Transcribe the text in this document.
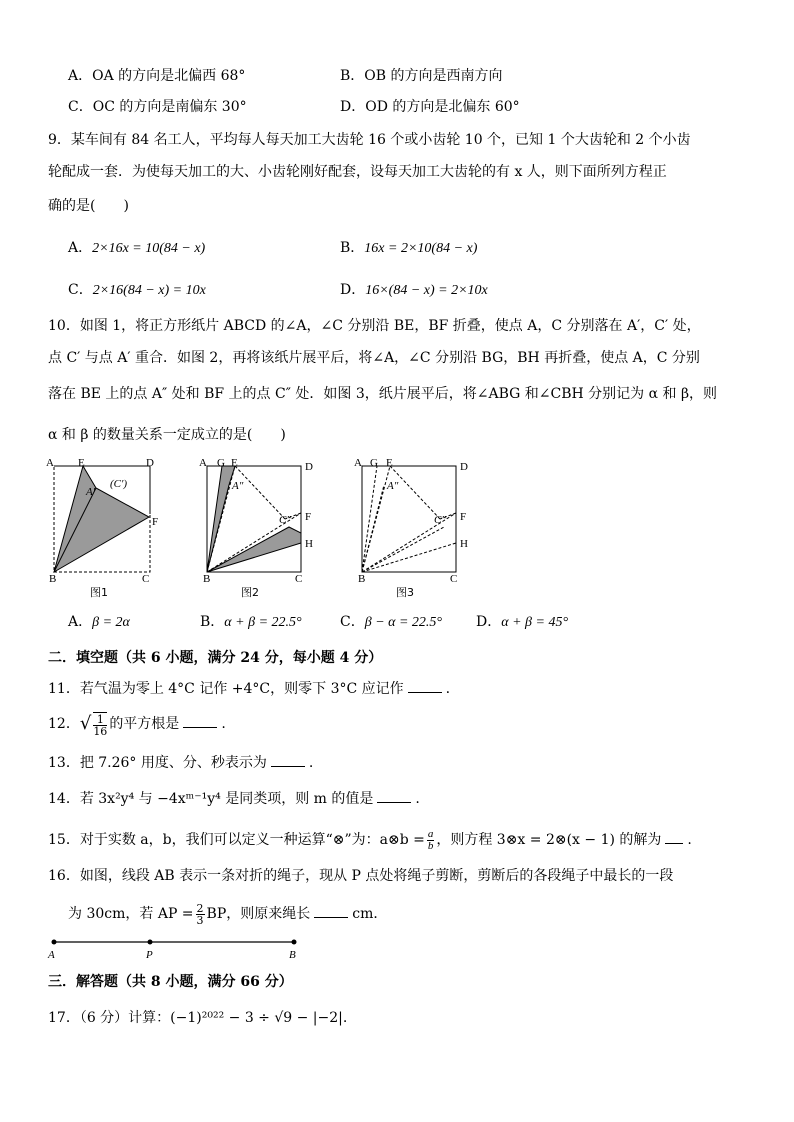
A．OA 的方向是北偏西 68°	B．OB 的方向是西南方向
C．OC 的方向是南偏东 30°	D．OD 的方向是北偏东 60°
9．某车间有 84 名工人，平均每人每天加工大齿轮 16 个或小齿轮 10 个，已知 1 个大齿轮和 2 个小齿
轮配成一套．为使每天加工的大、小齿轮刚好配套，设每天加工大齿轮的有 x 人，则下面所列方程正
确的是(　　)
A．2×16x = 10(84 − x)	B．16x = 2×10(84 − x)
C．2×16(84 − x) = 10x	D．16×(84 − x) = 2×10x
10．如图 1，将正方形纸片 ABCD 的∠A，∠C 分别沿 BE，BF 折叠，使点 A，C 分别落在 A′，C′ 处，
点 C′ 与点 A′ 重合．如图 2，再将该纸片展平后，将∠A，∠C 分别沿 BG，BH 再折叠，使点 A，C 分别
落在 BE 上的点 A″ 处和 BF 上的点 C″ 处．如图 3，纸片展平后，将∠ABG 和∠CBH 分别记为 α 和 β，则
α 和 β 的数量关系一定成立的是(　　)
A E	D
A′
(C′)
F
B	C
图1
A G E	D
A″
C″ F
H
B	C
图2
A G E	D
A″
C″ F
H
B	C
图3
A．β = 2α	B．α + β = 22.5°	C．β − α = 22.5° D．α + β = 45°
二．填空题（共 6 小题，满分 24 分，每小题 4 分）
11．若气温为零上 4°C 记作 +4°C，则零下 3°C 应记作	.
12．√ $\frac{1}{16}$ 的平方根是	.
13．把 7.26° 用度、分、秒表示为	.
14．若 3x²y⁴ 与 −4xᵐ⁻¹y⁴ 是同类项，则 m 的值是	.
15．对于实数 a，b，我们可以定义一种运算“⊗”为：a⊗b = $\frac{a}{b}$ ，则方程 3⊗x = 2⊗(x − 1) 的解为 .
16．如图，线段 AB 表示一条对折的绳子，现从 P 点处将绳子剪断，剪断后的各段绳子中最长的一段
为 30cm，若 AP = $\frac{2}{3}$ BP，则原来绳长	cm．
A	P	B
三．解答题（共 8 小题，满分 66 分）
17．（6 分）计算：(−1)²⁰²² − 3 ÷ √9 − |−2|.
